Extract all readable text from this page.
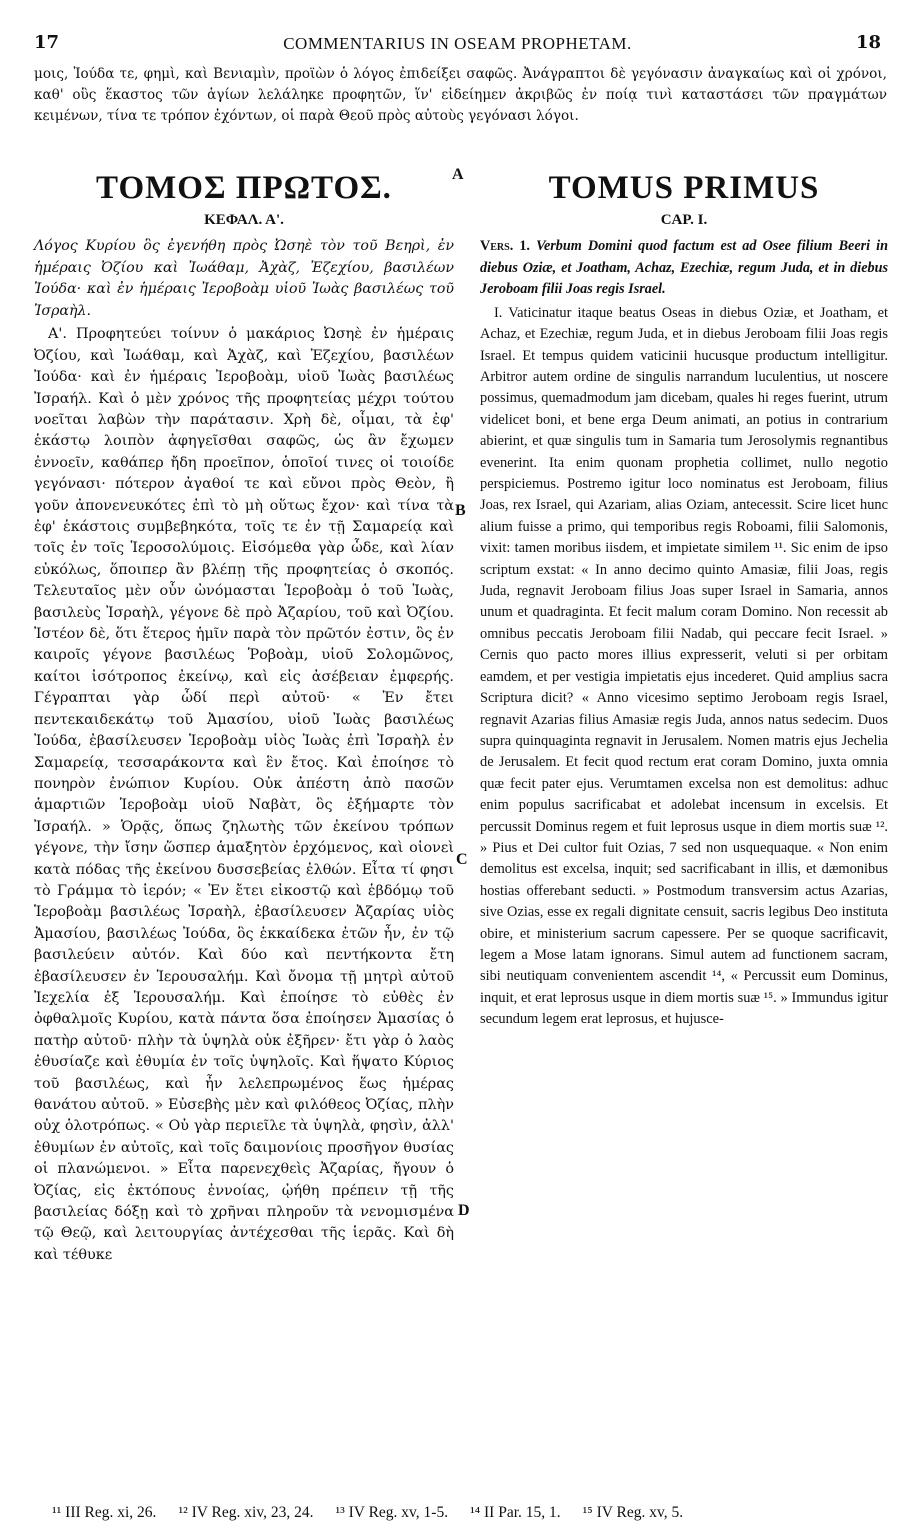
17	COMMENTARIUS IN OSEAM PROPHETAM.	18

μοις, Ἰούδα τε, φημὶ, καὶ Βενιαμὶν, προϊὼν ὁ λόγος ἐπιδείξει σαφῶς. Ἀνάγραπτοι δὲ γεγόνασιν ἀναγκαίως καὶ οἱ χρόνοι, καθ' οὓς ἕκαστος τῶν ἁγίων λελάληκε προφητῶν, ἵν' εἰδείημεν ἀκριβῶς ἐν ποίᾳ τινὶ καταστάσει τῶν πραγμάτων κειμένων, τίνα τε τρόπον ἐχόντων, οἱ παρὰ Θεοῦ πρὸς αὐτοὺς γεγόνασι λόγοι.

ΤΟΜΟΣ ΠΡΩΤΟΣ.
ΚΕΦΑΛ. Α'.

Λόγος Κυρίου ὃς ἐγενήθη πρὸς Ὠσηὲ τὸν τοῦ Βεηρὶ, ἐν ἡμέραις Ὀζίου καὶ Ἰωάθαμ, Ἀχὰζ, Ἐζεχίου, βασιλέων Ἰούδα· καὶ ἐν ἡμέραις Ἰεροβοὰμ υἱοῦ Ἰωὰς βασιλέως τοῦ Ἰσραὴλ.

Α'. Προφητεύει τοίνυν ὁ μακάριος Ὠσηὲ ἐν ἡμέραις Ὀζίου, καὶ Ἰωάθαμ, καὶ Ἀχὰζ, καὶ Ἐζεχίου, βασιλέων Ἰούδα· καὶ ἐν ἡμέραις Ἰεροβοὰμ, υἱοῦ Ἰωὰς βασιλέως Ἰσραήλ. Καὶ ὁ μὲν χρόνος τῆς προφητείας μέχρι τούτου νοεῖται λαβὼν τὴν παράτασιν. Χρὴ δὲ, οἶμαι, τὰ ἐφ' ἑκάστῳ λοιπὸν ἀφηγεῖσθαι σαφῶς, ὡς ἂν ἔχωμεν ἐννοεῖν, καθάπερ ἤδη προεῖπον, ὁποῖοί τινες οἱ τοιοίδε γεγόνασι· πότερον ἀγαθοί τε καὶ εὔνοι πρὸς Θεὸν, ἢ γοῦν ἀπονενευκότες ἐπὶ τὸ μὴ οὕτως ἔχον· καὶ τίνα τὰ ἐφ' ἑκάστοις συμβεβηκότα, τοῖς τε ἐν τῇ Σαμαρείᾳ καὶ τοῖς ἐν τοῖς Ἱεροσολύμοις. Εἰσόμεθα γὰρ ὧδε, καὶ λίαν εὐκόλως, ὅποιπερ ἂν βλέπῃ τῆς προφητείας ὁ σκοπός. Τελευταῖος μὲν οὖν ὠνόμασται Ἱεροβοὰμ ὁ τοῦ Ἰωὰς, βασιλεὺς Ἰσραὴλ, γέγονε δὲ πρὸ Ἀζαρίου, τοῦ καὶ Ὀζίου. Ἰστέον δὲ, ὅτι ἕτερος ἡμῖν παρὰ τὸν πρῶτόν ἐστιν, ὃς ἐν καιροῖς γέγονε βασιλέως Ῥοβοὰμ, υἱοῦ Σολομῶνος, καίτοι ἰσότροπος ἐκείνῳ, καὶ εἰς ἀσέβειαν ἐμφερής. Γέγραπται γὰρ ὧδί περὶ αὐτοῦ· « Ἐν ἔτει πεντεκαιδεκάτῳ τοῦ Ἀμασίου, υἱοῦ Ἰωὰς βασιλέως Ἰούδα, ἐβασίλευσεν Ἱεροβοὰμ υἱὸς Ἰωὰς ἐπὶ Ἰσραὴλ ἐν Σαμαρείᾳ, τεσσαράκοντα καὶ ἓν ἔτος. Καὶ ἐποίησε τὸ πονηρὸν ἐνώπιον Κυρίου. Οὐκ ἀπέστη ἀπὸ πασῶν ἁμαρτιῶν Ἱεροβοὰμ υἱοῦ Ναβὰτ, ὃς ἐξήμαρτε τὸν Ἰσραήλ. » Ὁρᾷς, ὅπως ζηλωτὴς τῶν ἐκείνου τρόπων γέγονε, τὴν ἴσην ὥσπερ ἁμαξητὸν ἐρχόμενος, καὶ οἱονεὶ κατὰ πόδας τῆς ἐκείνου δυσσεβείας ἐλθών. Εἶτα τί φησι τὸ Γράμμα τὸ ἱερόν; « Ἐν ἔτει εἰκοστῷ καὶ ἑβδόμῳ τοῦ Ἱεροβοὰμ βασιλέως Ἰσραὴλ, ἐβασίλευσεν Ἀζαρίας υἱὸς Ἀμασίου, βασιλέως Ἰούδα, ὃς ἑκκαίδεκα ἐτῶν ἦν, ἐν τῷ βασιλεύειν αὐτόν. Καὶ δύο καὶ πεντήκοντα ἔτη ἐβασίλευσεν ἐν Ἱερουσαλήμ. Καὶ ὄνομα τῇ μητρὶ αὐτοῦ Ἰεχελία ἐξ Ἱερουσαλήμ. Καὶ ἐποίησε τὸ εὐθὲς ἐν ὀφθαλμοῖς Κυρίου, κατὰ πάντα ὅσα ἐποίησεν Ἀμασίας ὁ πατὴρ αὐτοῦ· πλὴν τὰ ὑψηλὰ οὐκ ἐξῆρεν· ἔτι γὰρ ὁ λαὸς ἐθυσίαζε καὶ ἐθυμία ἐν τοῖς ὑψηλοῖς. Καὶ ἥψατο Κύριος τοῦ βασιλέως, καὶ ἦν λελεπρωμένος ἕως ἡμέρας θανάτου αὐτοῦ. » Εὐσεβὴς μὲν καὶ φιλόθεος Ὀζίας, πλὴν οὐχ ὁλοτρόπως. « Οὐ γὰρ περιεῖλε τὰ ὑψηλὰ, φησὶν, ἀλλ' ἐθυμίων ἐν αὐτοῖς, καὶ τοῖς δαιμονίοις προσῆγον θυσίας οἱ πλανώμενοι. » Εἶτα παρενεχθεὶς Ἀζαρίας, ἤγουν ὁ Ὀζίας, εἰς ἐκτόπους ἐννοίας, ᾠήθη πρέπειν τῇ τῆς βασιλείας δόξῃ καὶ τὸ χρῆναι πληροῦν τὰ νενομισμένα τῷ Θεῷ, καὶ λειτουργίας ἀντέχεσθαι τῆς ἱερᾶς. Καὶ δὴ καὶ τέθυκε

TOMUS PRIMUS
CAP. I.

Vers. 1. Verbum Domini quod factum est ad Osee filium Beeri in diebus Oziæ, et Joatham, Achaz, Ezechiæ, regum Juda, et in diebus Jeroboam filii Joas regis Israel.

I. Vaticinatur itaque beatus Oseas in diebus Oziæ, et Joatham, et Achaz, et Ezechiæ, regum Juda, et in diebus Jeroboam filii Joas regis Israel. Et tempus quidem vaticinii hucusque productum intelligitur. Arbitror autem ordine de singulis narrandum luculentius, ut noscere possimus, quemadmodum jam dicebam, quales hi reges fuerint, utrum videlicet boni, et bene erga Deum animati, an potius in contrarium abierint, et quæ singulis tum in Samaria tum Jerosolymis regnantibus evenerint. Ita enim quonam prophetia collimet, nullo negotio perspiciemus. Postremo igitur loco nominatus est Jeroboam, filius Joas, rex Israel, qui Azariam, alias Oziam, antecessit. Scire licet hunc alium fuisse a primo, qui temporibus regis Roboami, filii Salomonis, vixit: tamen moribus iisdem, et impietate similem ¹¹. Sic enim de ipso scriptum exstat: « In anno decimo quinto Amasiæ, filii Joas, regis Juda, regnavit Jeroboam filius Joas super Israel in Samaria, annos unum et quadraginta. Et fecit malum coram Domino. Non recessit ab omnibus peccatis Jeroboam filii Nadab, qui peccare fecit Israel. » Cernis quo pacto mores illius expresserit, veluti si per orbitam eamdem, et per vestigia impietatis ejus incederet. Quid amplius sacra Scriptura dicit? « Anno vicesimo septimo Jeroboam regis Israel, regnavit Azarias filius Amasiæ regis Juda, annos natus sedecim. Duos supra quinquaginta regnavit in Jerusalem. Nomen matris ejus Jechelia de Jerusalem. Et fecit quod rectum erat coram Domino, juxta omnia quæ fecit pater ejus. Verumtamen excelsa non est demolitus: adhuc enim populus sacrificabat et adolebat incensum in excelsis. Et percussit Dominus regem et fuit leprosus usque in diem mortis suæ ¹². » Pius et Dei cultor fuit Ozias, 7 sed non usquequaque. « Non enim demolitus est excelsa, inquit; sed sacrificabant in illis, et dæmonibus hostias offerebant seducti. » Postmodum transversim actus Azarias, sive Ozias, esse ex regali dignitate censuit, sacris legibus Deo instituta obire, et ministerium sacrum capessere. Per se quoque sacrificavit, legem a Mose latam ignorans. Simul autem ad functionem sacram, sibi neutiquam convenientem ascendit ¹⁴, « Percussit eum Dominus, inquit, et erat leprosus usque in diem mortis suæ ¹⁵. » Immundus igitur secundum legem erat leprosus, et hujusce-

A
B
C
D
¹¹ III Reg. xi, 26. ¹² IV Reg. xiv, 23, 24. ¹³ IV Reg. xv, 1-5. ¹⁴ II Par. 15, 1. ¹⁵ IV Reg. xv, 5.
